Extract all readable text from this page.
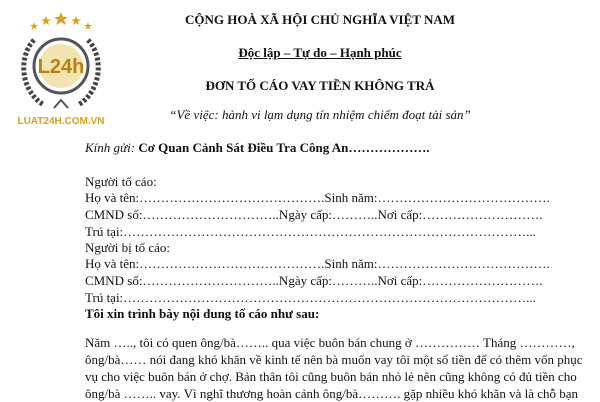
L24h
LUAT24H.COM.VN
CỘNG HOÀ XÃ HỘI CHỦ NGHĨA VIỆT NAM
Độc lập – Tự do – Hạnh phúc
ĐƠN TỐ CÁO VAY TIỀN KHÔNG TRẢ
“Về việc: hành vi lạm dụng tín nhiệm chiếm đoạt tài sản”
Kính gửi: Cơ Quan Cảnh Sát Điều Tra Công An……………….
Người tố cáo:
Họ và tên:…………………………………….Sinh năm:………………………………….
CMND số:…………………………..Ngày cấp:………..Nơi cấp:……………………….
Trú tại:…………………………………………………………………………………...
Người bị tố cáo:
Họ và tên:…………………………………….Sinh năm:………………………………….
CMND số:…………………………..Ngày cấp:………..Nơi cấp:……………………….
Trú tại:…………………………………………………………………………………...
Tôi xin trình bày nội dung tố cáo như sau:

Năm ….., tôi có quen ông/bà…….. qua việc buôn bán chung ở …………… Tháng …………,

ông/bà…… nói đang khó khăn về kinh tế nên bà muốn vay tôi một số tiền để có thêm vốn phục

vụ cho việc buôn bán ở chợ. Bản thân tôi cũng buôn bán nhỏ lẻ nên cũng không có đủ tiền cho

ông/bà …….. vay. Vì nghĩ thương hoàn cảnh ông/bà………. gặp nhiều khó khăn và là chỗ bạn
